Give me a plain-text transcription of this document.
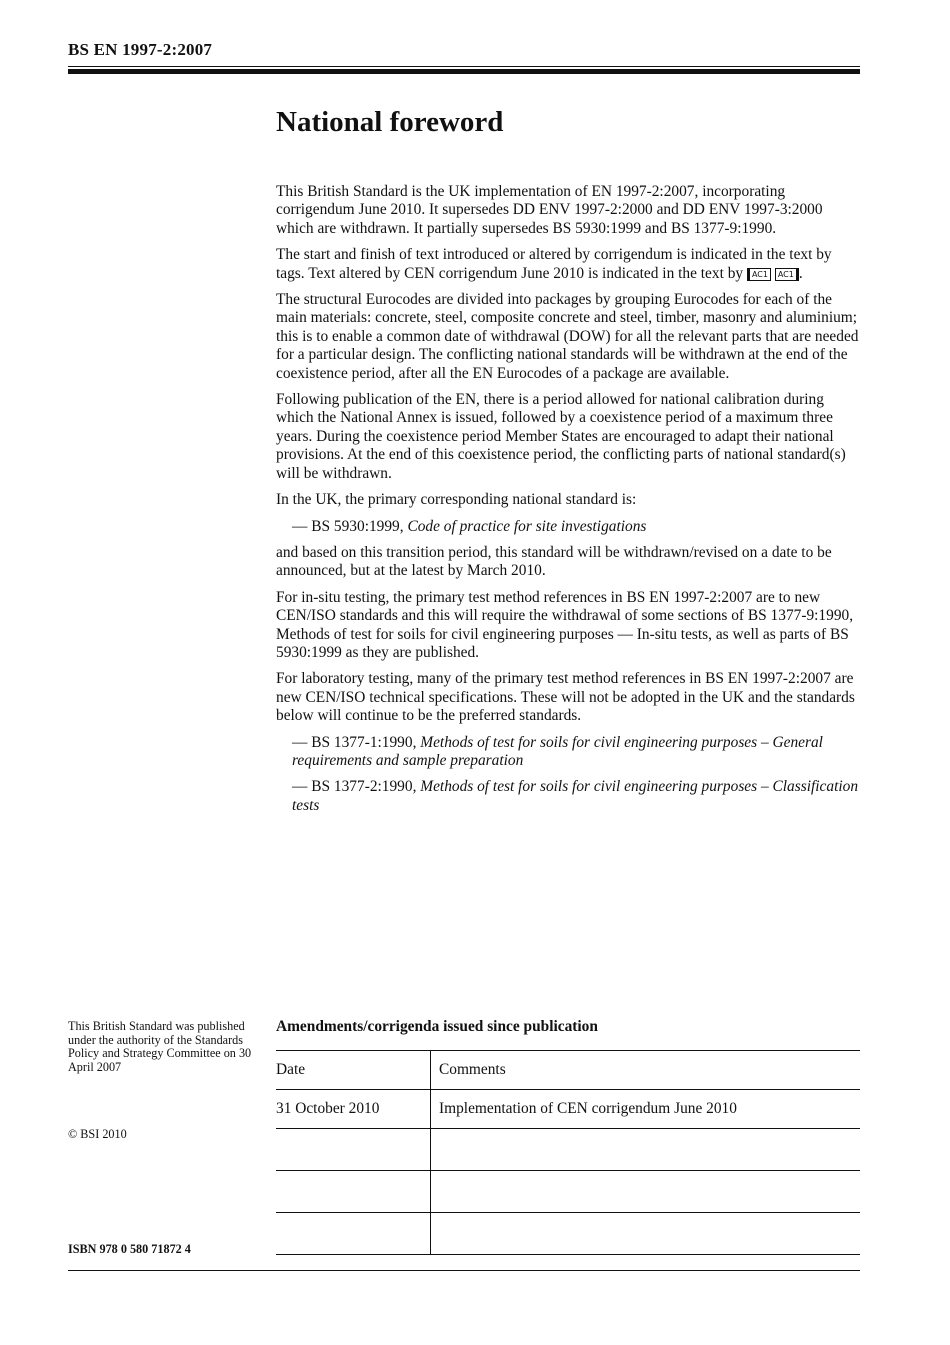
BS EN 1997-2:2007
National foreword

This British Standard is the UK implementation of EN 1997-2:2007, incorporating corrigendum June 2010. It supersedes DD ENV 1997-2:2000 and DD ENV 1997-3:2000 which are withdrawn. It partially supersedes BS 5930:1999 and BS 1377-9:1990.

The start and finish of text introduced or altered by corrigendum is indicated in the text by tags. Text altered by CEN corrigendum June 2010 is indicated in the text by AC1 AC1 .

The structural Eurocodes are divided into packages by grouping Eurocodes for each of the main materials: concrete, steel, composite concrete and steel, timber, masonry and aluminium; this is to enable a common date of withdrawal (DOW) for all the relevant parts that are needed for a particular design. The conflicting national standards will be withdrawn at the end of the coexistence period, after all the EN Eurocodes of a package are available.

Following publication of the EN, there is a period allowed for national calibration during which the National Annex is issued, followed by a coexistence period of a maximum three years. During the coexistence period Member States are encouraged to adapt their national provisions. At the end of this coexistence period, the conflicting parts of national standard(s) will be withdrawn.

In the UK, the primary corresponding national standard is:

— BS 5930:1999, Code of practice for site investigations

and based on this transition period, this standard will be withdrawn/revised on a date to be announced, but at the latest by March 2010.

For in-situ testing, the primary test method references in BS EN 1997-2:2007 are to new CEN/ISO standards and this will require the withdrawal of some sections of BS 1377-9:1990, Methods of test for soils for civil engineering purposes — In-situ tests, as well as parts of BS 5930:1999 as they are published.

For laboratory testing, many of the primary test method references in BS EN 1997-2:2007 are new CEN/ISO technical specifications. These will not be adopted in the UK and the standards below will continue to be the preferred standards.

— BS 1377-1:1990, Methods of test for soils for civil engineering purposes – General requirements and sample preparation

— BS 1377-2:1990, Methods of test for soils for civil engineering purposes – Classification tests

This British Standard was published under the authority of the Standards Policy and Strategy Committee on 30 April 2007
© BSI 2010
ISBN 978 0 580 71872 4
Amendments/corrigenda issued since publication
Date	Comments
31 October 2010	Implementation of CEN corrigendum June 2010
